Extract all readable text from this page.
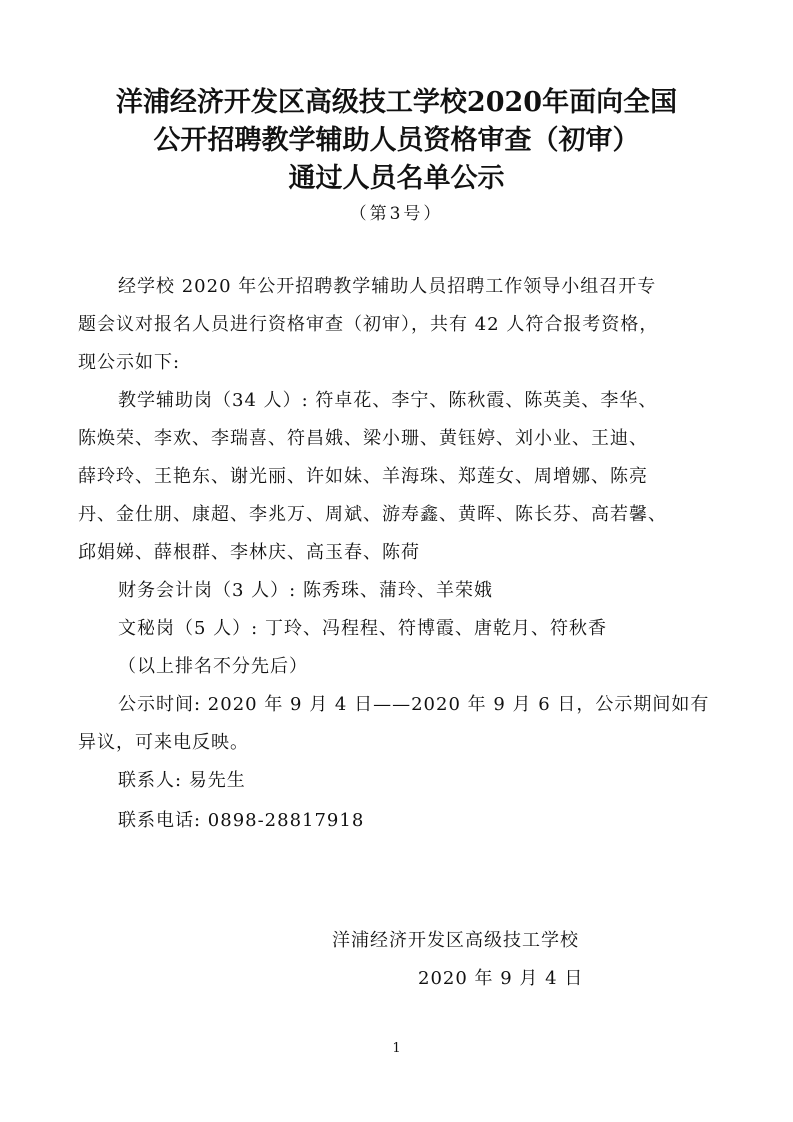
洋浦经济开发区高级技工学校2020年面向全国
公开招聘教学辅助人员资格审查（初审）
通过人员名单公示
（第3号）
经学校 2020 年公开招聘教学辅助人员招聘工作领导小组召开专
题会议对报名人员进行资格审查（初审），共有 42 人符合报考资格，
现公示如下:
教学辅助岗（34 人）: 符卓花、李宁、陈秋霞、陈英美、李华、
陈焕荣、李欢、李瑞喜、符昌娥、梁小珊、黄钰婷、刘小业、王迪、
薛玲玲、王艳东、谢光丽、许如妹、羊海珠、郑莲女、周增娜、陈亮
丹、金仕朋、康超、李兆万、周斌、游寿鑫、黄晖、陈长芬、高若馨、
邱娟娣、薛根群、李林庆、高玉春、陈荷
财务会计岗（3 人）: 陈秀珠、蒲玲、羊荣娥
文秘岗（5 人）: 丁玲、冯程程、符博霞、唐乾月、符秋香
（以上排名不分先后）
公示时间: 2020 年 9 月 4 日——2020 年 9 月 6 日，公示期间如有
异议，可来电反映。
联系人: 易先生
联系电话: 0898-28817918
洋浦经济开发区高级技工学校
2020 年 9 月 4 日
1
